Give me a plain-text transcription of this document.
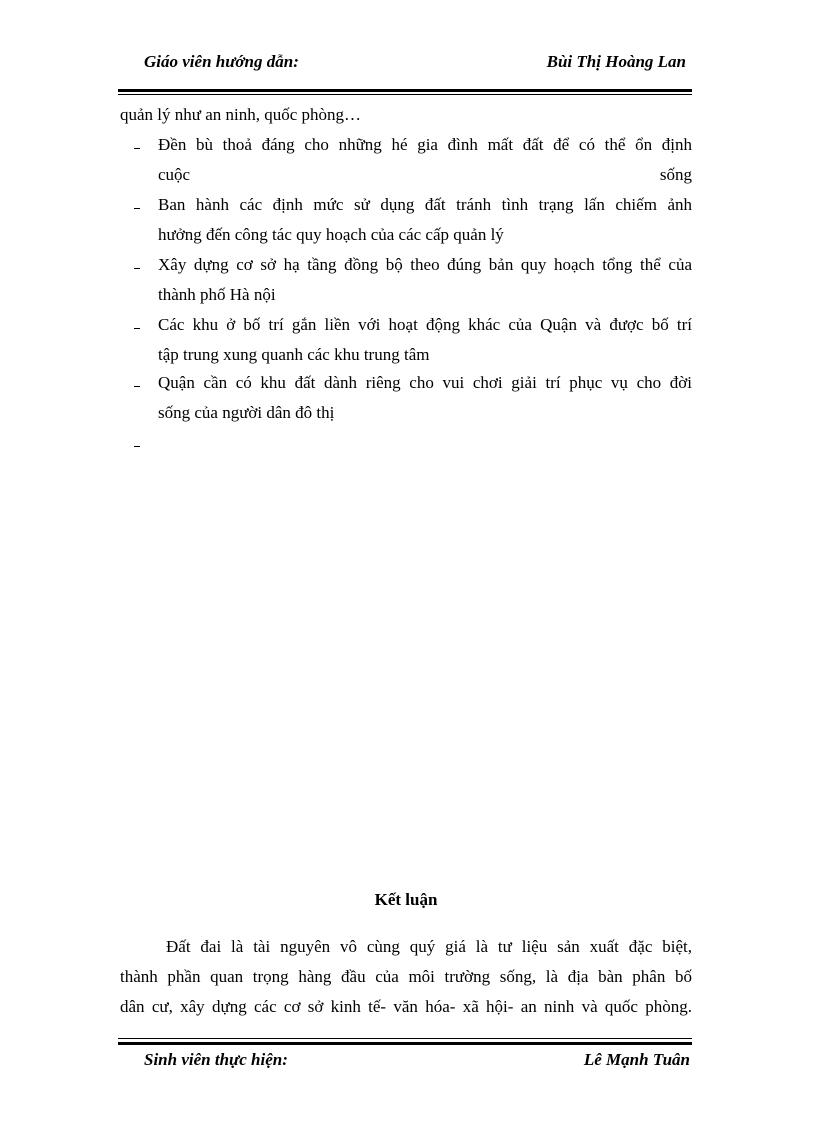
Giáo viên hướng dẫn:	Bùi Thị Hoàng Lan
quản lý như an ninh, quốc phòng…
Đền bù thoả đáng cho những hé gia đình mất đất để có thể ổn định
cuộc	sống
Ban hành các định mức sử dụng đất tránh tình trạng lấn chiếm ảnh
hưởng đến công tác quy hoạch của các cấp quản lý
Xây dựng cơ sở hạ tầng đồng bộ theo đúng bản quy hoạch tổng thể của
thành phố Hà nội
Các khu ở bố trí gắn liền với hoạt động khác của Quận và được bố trí
tập trung xung quanh các khu trung tâm
Quận cần có khu đất dành riêng cho vui chơi giải trí phục vụ cho đời
sống của người dân đô thị
Kết luận
Đất đai là tài nguyên vô cùng quý giá là tư liệu sản xuất đặc biệt,
thành phần quan trọng hàng đầu của môi trường sống, là địa bàn phân bố
dân cư, xây dựng các cơ sở kinh tế- văn hóa- xã hội- an ninh và quốc phòng.
Sinh viên thực hiện:	Lê Mạnh Tuân
